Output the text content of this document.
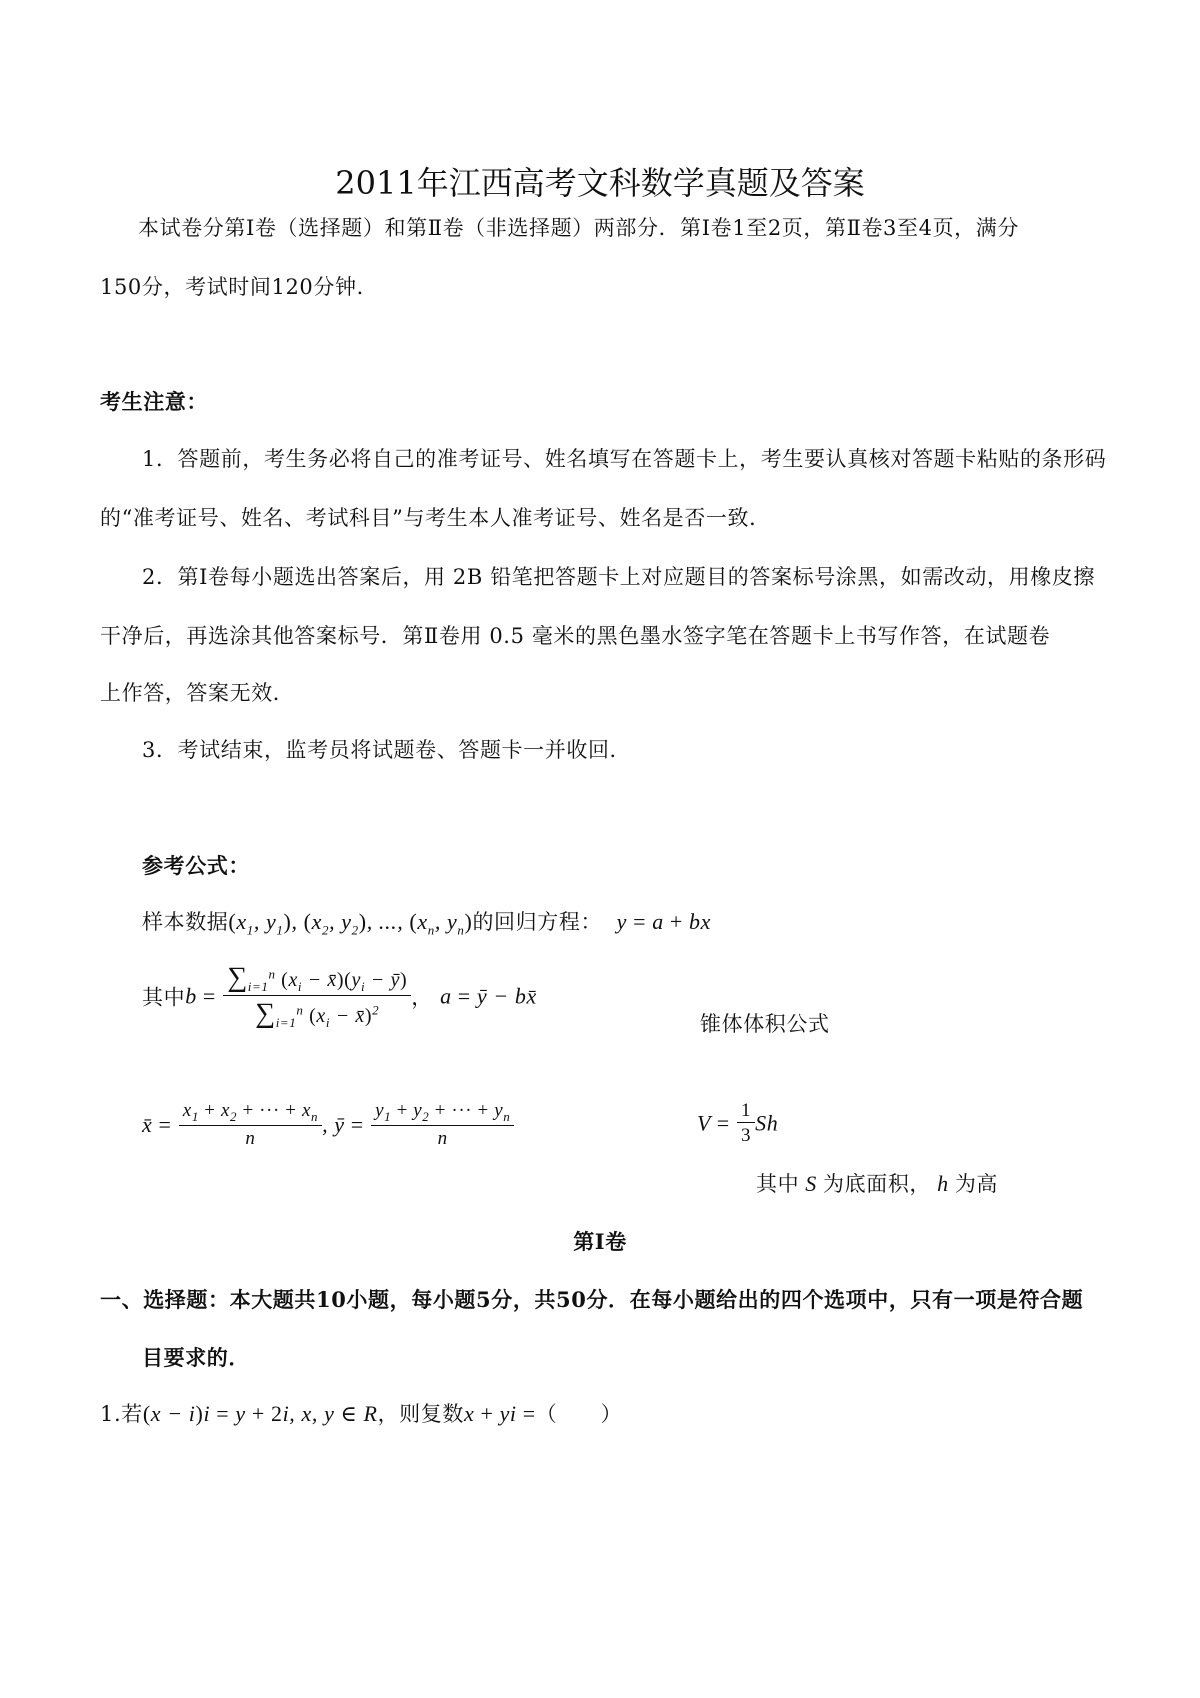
2011年江西高考文科数学真题及答案
本试卷分第Ⅰ卷（选择题）和第Ⅱ卷（非选择题）两部分．第Ⅰ卷1至2页，第Ⅱ卷3至4页，满分
150分，考试时间120分钟．
考生注意：
1．答题前，考生务必将自己的准考证号、姓名填写在答题卡上，考生要认真核对答题卡粘贴的条形码
的“准考证号、姓名、考试科目”与考生本人准考证号、姓名是否一致．
2．第Ⅰ卷每小题选出答案后，用 2B 铅笔把答题卡上对应题目的答案标号涂黑，如需改动，用橡皮擦
干净后，再选涂其他答案标号．第Ⅱ卷用 0.5 毫米的黑色墨水签字笔在答题卡上书写作答，在试题卷
上作答，答案无效．
3．考试结束，监考员将试题卷、答题卡一并收回．
参考公式：
样本数据($x_1$, $y_1$), ($x_2$, $y_2$), ..., ($x_n$, $y_n$)的回归方程： y = a + bx
其中$b = \frac{\sum_{i=1}^n (x_i - x̄)(y_i - ȳ)}{\sum_{i=1}^n (x_i - x̄)^2}$ ， a = ȳ − bx̄
锥体体积公式
x̄ = $\frac{x_1 + x_2 + \cdot\cdot\cdot + x_n}{n}$ , ȳ = $\frac{y_1 + y_2 + \cdot\cdot\cdot + y_n}{n}$	$V = \frac{1}{3}$ Sh
其中 S 为底面积， h 为高
第Ⅰ卷
一、选择题：本大题共10小题，每小题5分，共50分．在每小题给出的四个选项中，只有一项是符合题
目要求的．
1.若(x − i)i = y + 2i, x, y ∈ R，则复数x + yi =（　　）
